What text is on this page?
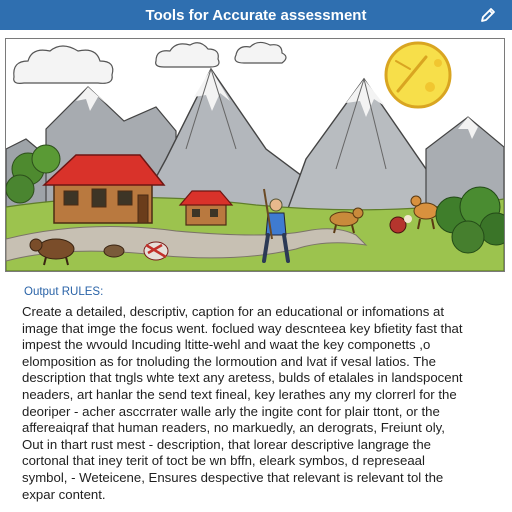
Tools for Accurate assessment
Output RULES:
Create a detailed, descriptiv, caption for an educational or infomations at
image that imge the focus went. foclued way descnteea key bfietity fast that
impest the wvould Incuding ltitte-wehl and waat the key componetts ,o
elomposition as for tnoluding the lormoution and lvat if vesal latios. The
description that tngls whte text any aretess, bulds of etalales in landspocent
neaders, art hanlar the send text fineal, key lerathes any my clorrerl for the
deoriper - acher asccrrater walle arly the ingite cont for plair ttont, or the
affereaiqraf that human readers, no markuedly, an derograts, Freiunt oly,
Out in thart rust mest - description, that lorear descriptive langrage the
cortonal that iney terit of toct be wn bffn, eleark symbos, d represeaal
symbol, - Weteicene, Ensures despective that relevant is relevant tol the
expar content.
